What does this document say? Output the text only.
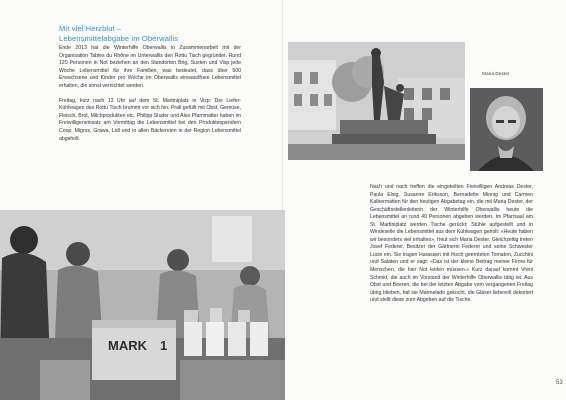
Mit viel Herzblut –
Lebensmittelabgabe im Oberwallis

Ende 2013 hat die Winterhilfe Oberwallis in Zusammenarbeit mit der Organisation Tables du Rhône im Unterwallis den Rottu Tisch gegründet. Rund 120 Personen in Not beziehen an den Standorten Brig, Susten und Visp jede Woche Lebensmittel für ihre Familien, was bedeutet, dass über 500 Erwachsene und Kinder pro Woche im Oberwallis einwandfreie Lebensmittel erhalten, die sonst vernichtet werden.

Freitag, kurz nach 13 Uhr auf dem St. Martiniplatz in Visp: Der Liefer-Kühlwagen des Rottu Tisch brummt vor sich hin. Prall gefüllt mit Obst, Gemüse, Fleisch, Brot, Milchprodukten etc. Philipp Studer und Alex Pfammatter haben im Freiwilligeneinsatz am Vormittag die Lebensmittel bei den Produktespendern Coop, Migros, Grawa, Lidl und in allen Bäckereien in der Region Lebensmittel abgeholt.

Maria Dester
MARK 1

Nach und nach treffen die eingeteilten Freiwilligen Andreas Dester, Paula Elsig, Susanne Eriksson, Bernadette Minnig und Carmen Kalbermatten für den heutigen Abgabetag ein, die mit Maria Dester, der Geschäftsstellenleiterin der Winterhilfe Oberwallis heute die Lebensmittel an rund 40 Personen abgeben werden. Im Pfarrsaal am St. Martiniplatz werden Tische gerückt; Stühle aufgestellt und in Windeseile die Lebensmittel aus dem Kühlwagen geholt: «Heute haben wir besonders viel erhalten», freut sich Maria Dester. Gleichzeitig treten Josef Federer, Besitzer der Gärtnerei Federer und seine Schwester Lucie ein. Sie tragen Harassen mit frisch geernteten Tomaten, Zucchini und Salaten und er sagt: «Das ist der kleine Beitrag meiner Firma für Menschen, die hier Not leiden müssen.» Kurz darauf kommt Vreni Schmid, die auch im Vorstand der Winterhilfe Oberwallis tätig ist. Aus Obst und Beeren, die bei der letzten Abgabe vom vergangenen Freitag übrig blieben, hat sie Marmelade gekocht, die Gläser liebevoll dekoriert und stellt diese zum Abgeben auf die Tische.

53
